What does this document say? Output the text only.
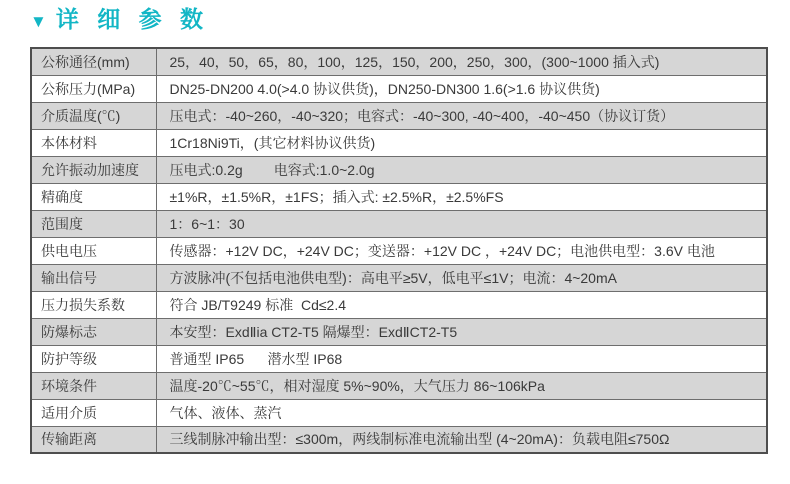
▼ 详 细 参 数
公称通径(mm)	25，40，50，65，80，100，125，150，200，250，300，(300~1000 插入式)
公称压力(MPa)	DN25-DN200 4.0(>4.0 协议供货)，DN250-DN300 1.6(>1.6 协议供货)
介质温度(℃)	压电式：-40~260，-40~320；电容式：-40~300, -40~400，-40~450（协议订货）
本体材料	1Cr18Ni9Ti，(其它材料协议供货)
允许振动加速度	压电式:0.2g        电容式:1.0~2.0g
精确度	±1%R，±1.5%R，±1FS；插入式: ±2.5%R，±2.5%FS
范围度	1：6~1：30
供电电压	传感器：+12V DC，+24V DC；变送器：+12V DC ，+24V DC；电池供电型：3.6V 电池
输出信号	方波脉冲(不包括电池供电型)：高电平≥5V，低电平≤1V；电流：4~20mA
压力损失系数	符合 JB/T9249 标准  Cd≤2.4
防爆标志	本安型：ExdⅡia CT2-T5 隔爆型：ExdⅡCT2-T5
防护等级	普通型 IP65      潜水型 IP68
环境条件	温度-20℃~55℃，相对湿度 5%~90%，大气压力 86~106kPa
适用介质	气体、液体、蒸汽
传输距离	三线制脉冲输出型：≤300m，两线制标准电流输出型 (4~20mA)：负载电阻≤750Ω
